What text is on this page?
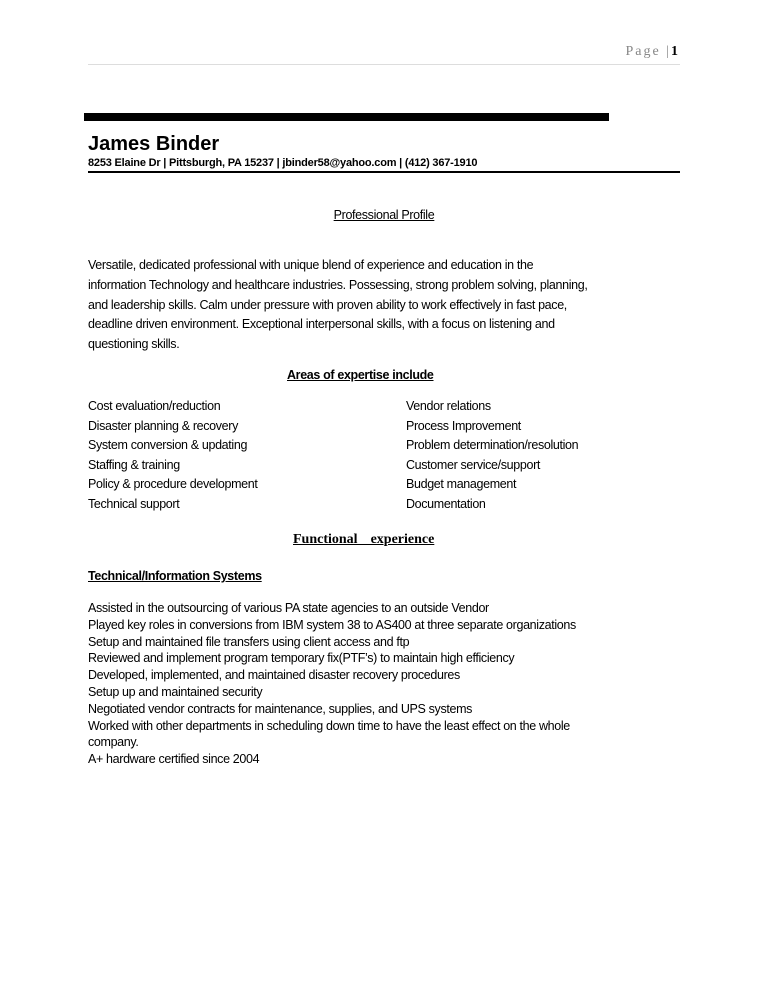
Page |1
James Binder
8253 Elaine Dr | Pittsburgh, PA 15237 | jbinder58@yahoo.com | (412) 367-1910
Professional Profile
Versatile, dedicated professional with unique blend of experience and education in the
information Technology and healthcare industries. Possessing, strong problem solving, planning,
and leadership skills. Calm under pressure with proven ability to work effectively in fast pace,
deadline driven environment. Exceptional interpersonal skills, with a focus on listening and
questioning skills.
Areas of expertise include
Cost evaluation/reduction
Disaster planning & recovery
System conversion & updating
Staffing & training
Policy & procedure development
Technical support
Vendor relations
Process Improvement
Problem determination/resolution
Customer service/support
Budget management
Documentation
Functional  experience
Technical/Information Systems
Assisted in the outsourcing of various PA state agencies to an outside Vendor
Played key roles in conversions from IBM system 38 to AS400 at three separate organizations
Setup and maintained file transfers using client access and ftp
Reviewed and implement program temporary fix(PTF’s) to maintain high efficiency
Developed, implemented, and maintained disaster recovery procedures
Setup up and maintained security
Negotiated vendor contracts for maintenance, supplies, and UPS systems
Worked with other departments in scheduling down time to have the least effect on the whole
company.
A+ hardware certified since 2004
